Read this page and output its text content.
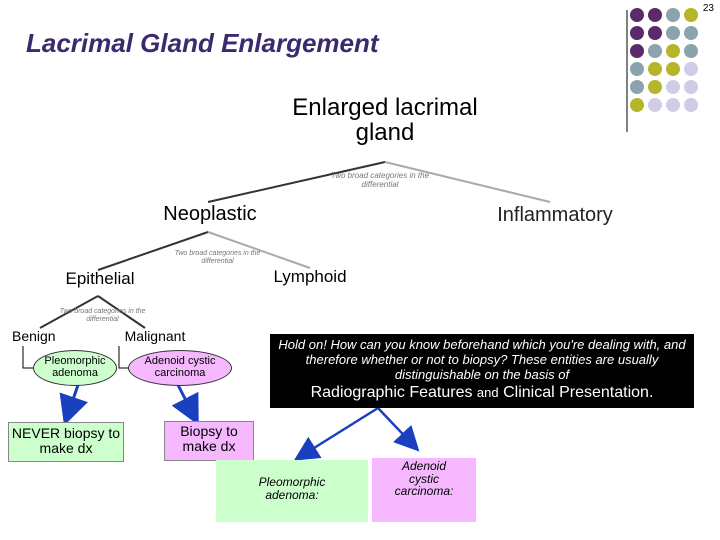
23
Lacrimal Gland Enlargement
Enlarged lacrimal gland
Two broad categories in the differential
Neoplastic	Inflammatory
Two broad categories in the differential
Epithelial	Lymphoid
Two broad categories in the differential
Benign	Malignant
Pleomorphic adenoma
Adenoid cystic carcinoma
NEVER biopsy to make dx
Biopsy to make dx
Hold on! How can you know beforehand which you're dealing with, and therefore whether or not to biopsy? These entities are usually distinguishable on the basis of
Radiographic Features and Clinical Presentation.
Pleomorphic adenoma:
Adenoid cystic carcinoma:
